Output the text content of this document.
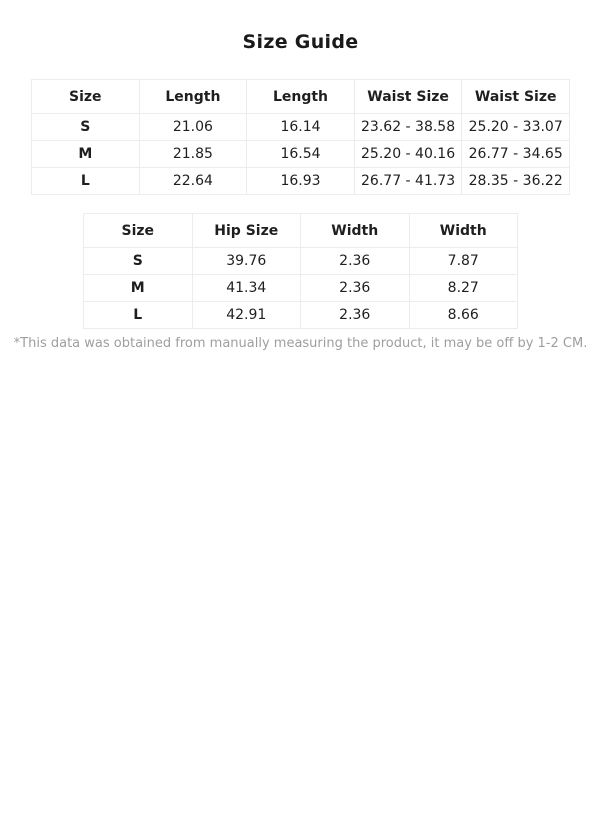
Size Guide
Size	Length	Length	Waist Size	Waist Size
S	21.06	16.14	23.62 - 38.58	25.20 - 33.07
M	21.85	16.54	25.20 - 40.16	26.77 - 34.65
L	22.64	16.93	26.77 - 41.73	28.35 - 36.22
Size	Hip Size	Width	Width
S	39.76	2.36	7.87
M	41.34	2.36	8.27
L	42.91	2.36	8.66

*This data was obtained from manually measuring the product, it may be off by 1-2 CM.
